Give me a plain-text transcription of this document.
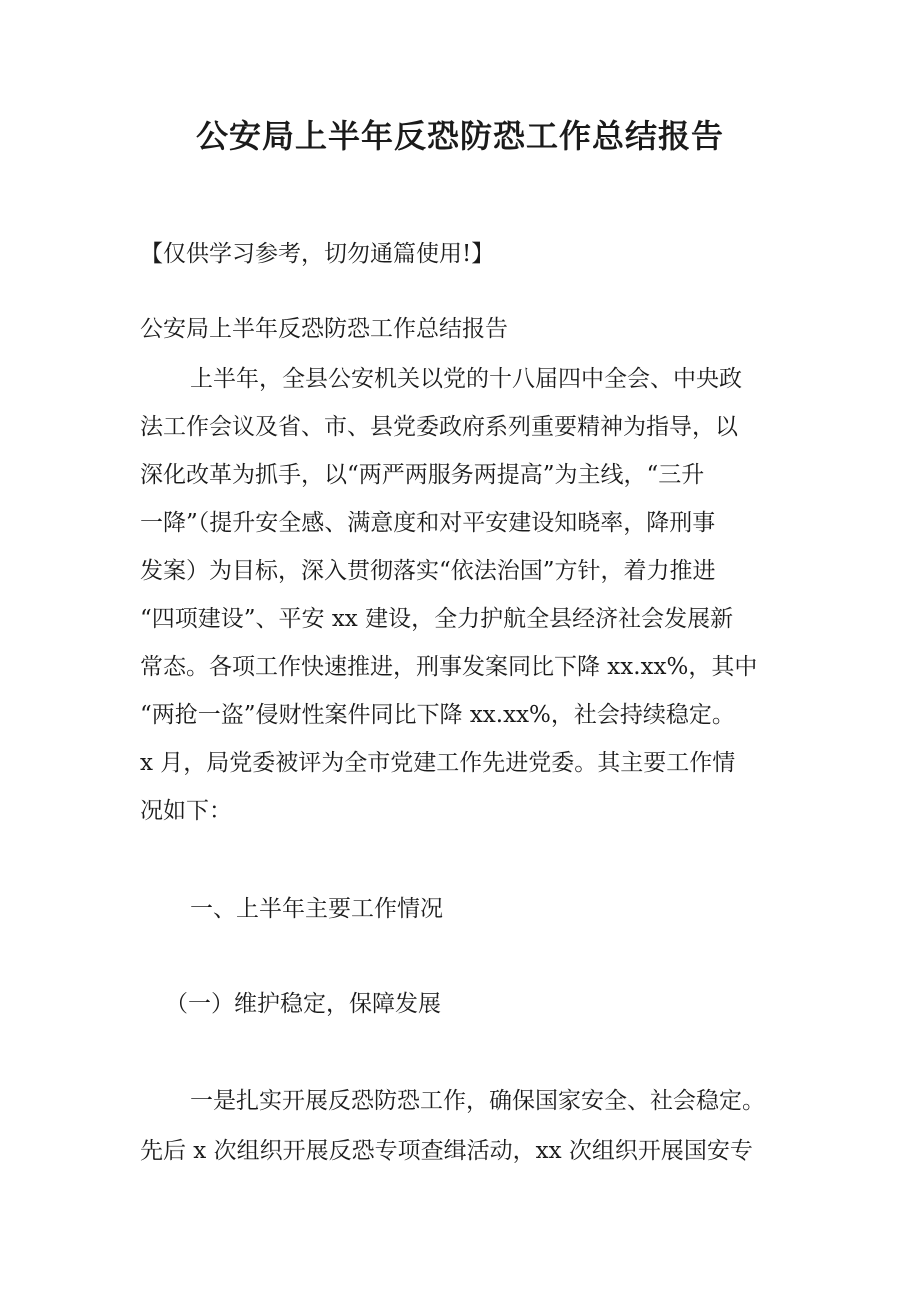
公安局上半年反恐防恐工作总结报告
【仅供学习参考，切勿通篇使用!】
公安局上半年反恐防恐工作总结报告
上半年，全县公安机关以党的十八届四中全会、中央政
法工作会议及省、市、县党委政府系列重要精神为指导，以
深化改革为抓手，以“两严两服务两提高”为主线，“三升
一降”（提升安全感、满意度和对平安建设知晓率，降刑事
发案）为目标，深入贯彻落实“依法治国”方针，着力推进
“四项建设”、平安 xx 建设，全力护航全县经济社会发展新
常态。各项工作快速推进，刑事发案同比下降 xx.xx%，其中
“两抢一盗”侵财性案件同比下降 xx.xx%，社会持续稳定。
x 月，局党委被评为全市党建工作先进党委。其主要工作情
况如下：
一、上半年主要工作情况
（一）维护稳定，保障发展
一是扎实开展反恐防恐工作，确保国家安全、社会稳定。
先后 x 次组织开展反恐专项查缉活动，xx 次组织开展国安专
